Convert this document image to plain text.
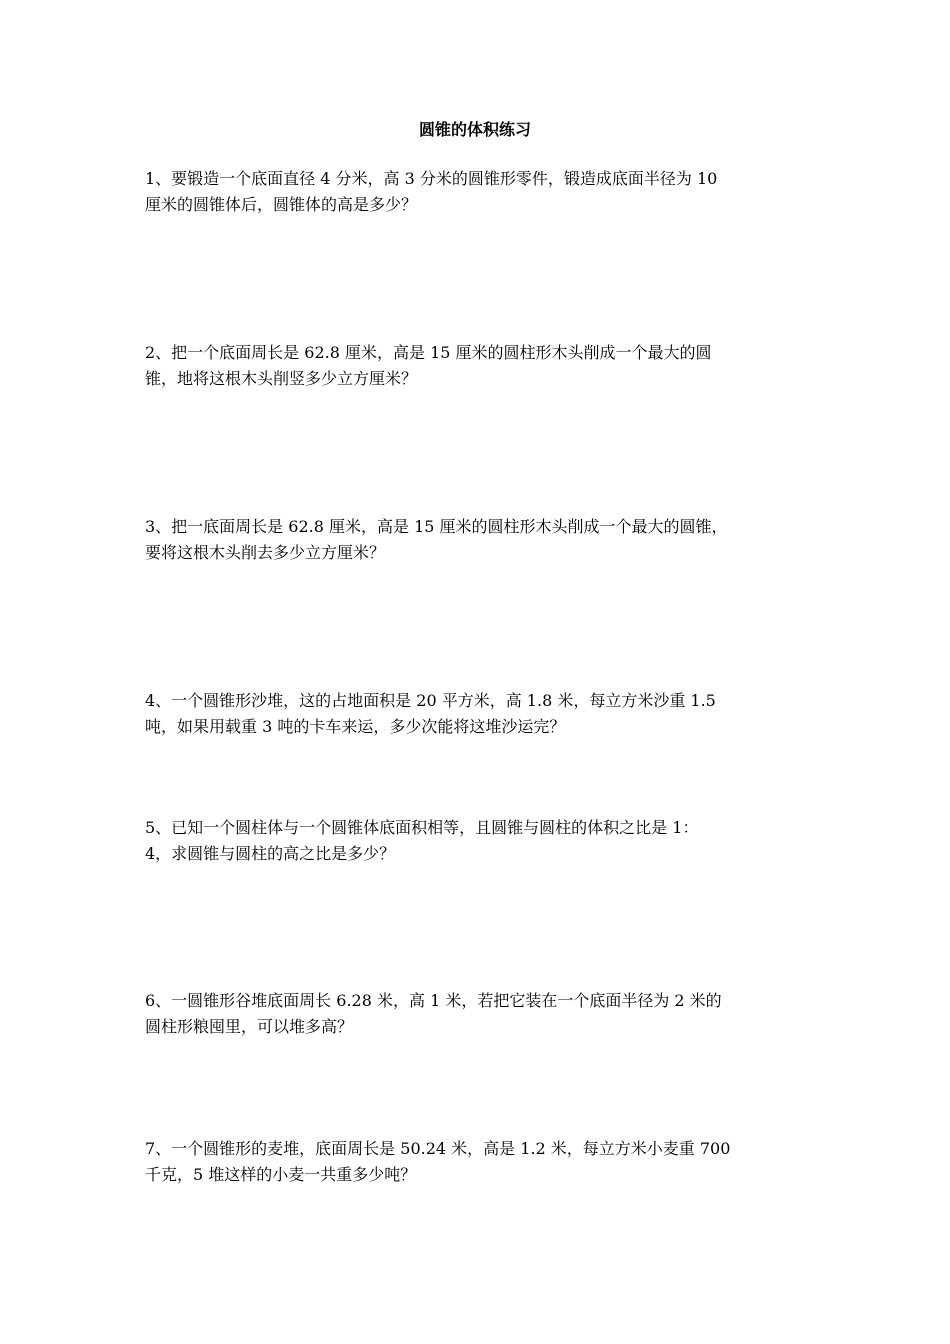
圆锥的体积练习
1、要锻造一个底面直径 4 分米，高 3 分米的圆锥形零件，锻造成底面半径为 10
厘米的圆锥体后，圆锥体的高是多少？
2、把一个底面周长是 62.8 厘米，高是 15 厘米的圆柱形木头削成一个最大的圆
锥，地将这根木头削竖多少立方厘米？
3、把一底面周长是 62.8 厘米，高是 15 厘米的圆柱形木头削成一个最大的圆锥，
要将这根木头削去多少立方厘米？
4、一个圆锥形沙堆，这的占地面积是 20 平方米，高 1.8 米，每立方米沙重 1.5
吨，如果用载重 3 吨的卡车来运，多少次能将这堆沙运完？
5、已知一个圆柱体与一个圆锥体底面积相等，且圆锥与圆柱的体积之比是 1：
4，求圆锥与圆柱的高之比是多少？
6、一圆锥形谷堆底面周长 6.28 米，高 1 米，若把它装在一个底面半径为 2 米的
圆柱形粮囤里，可以堆多高？
7、一个圆锥形的麦堆，底面周长是 50.24 米，高是 1.2 米，每立方米小麦重 700
千克，5 堆这样的小麦一共重多少吨？
